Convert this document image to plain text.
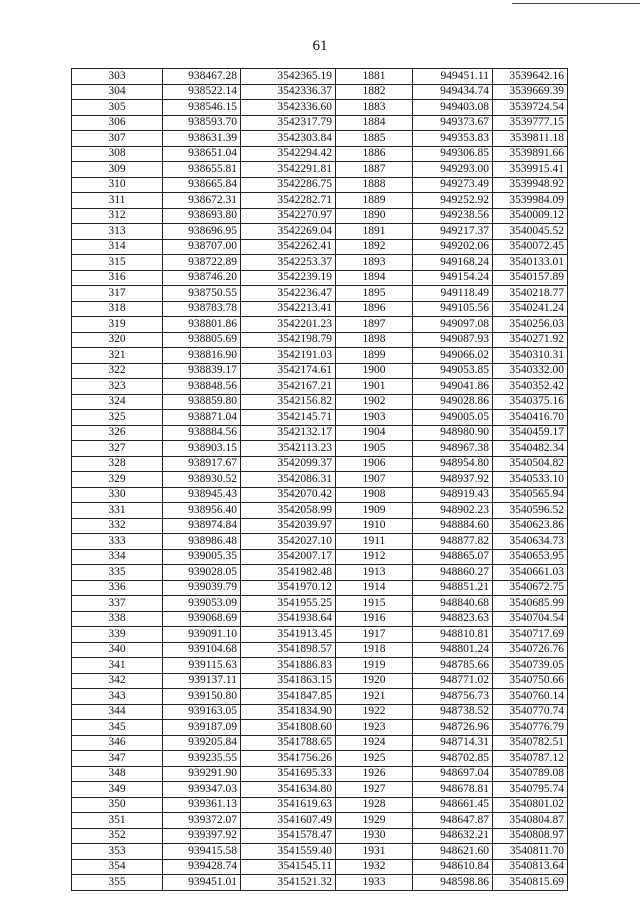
61
303	938467.28	3542365.19	1881	949451.11	3539642.16
304	938522.14	3542336.37	1882	949434.74	3539669.39
305	938546.15	3542336.60	1883	949403.08	3539724.54
306	938593.70	3542317.79	1884	949373.67	3539777.15
307	938631.39	3542303.84	1885	949353.83	3539811.18
308	938651.04	3542294.42	1886	949306.85	3539891.66
309	938655.81	3542291.81	1887	949293.00	3539915.41
310	938665.84	3542286.75	1888	949273.49	3539948.92
311	938672.31	3542282.71	1889	949252.92	3539984.09
312	938693.80	3542270.97	1890	949238.56	3540009.12
313	938696.95	3542269.04	1891	949217.37	3540045.52
314	938707.00	3542262.41	1892	949202.06	3540072.45
315	938722.89	3542253.37	1893	949168.24	3540133.01
316	938746.20	3542239.19	1894	949154.24	3540157.89
317	938750.55	3542236.47	1895	949118.49	3540218.77
318	938783.78	3542213.41	1896	949105.56	3540241.24
319	938801.86	3542201.23	1897	949097.08	3540256.03
320	938805.69	3542198.79	1898	949087.93	3540271.92
321	938816.90	3542191.03	1899	949066.02	3540310.31
322	938839.17	3542174.61	1900	949053.85	3540332.00
323	938848.56	3542167.21	1901	949041.86	3540352.42
324	938859.80	3542156.82	1902	949028.86	3540375.16
325	938871.04	3542145.71	1903	949005.05	3540416.70
326	938884.56	3542132.17	1904	948980.90	3540459.17
327	938903.15	3542113.23	1905	948967.38	3540482.34
328	938917.67	3542099.37	1906	948954.80	3540504.82
329	938930.52	3542086.31	1907	948937.92	3540533.10
330	938945.43	3542070.42	1908	948919.43	3540565.94
331	938956.40	3542058.99	1909	948902.23	3540596.52
332	938974.84	3542039.97	1910	948884.60	3540623.86
333	938986.48	3542027.10	1911	948877.82	3540634.73
334	939005.35	3542007.17	1912	948865.07	3540653.95
335	939028.05	3541982.48	1913	948860.27	3540661.03
336	939039.79	3541970.12	1914	948851.21	3540672.75
337	939053.09	3541955.25	1915	948840.68	3540685.99
338	939068.69	3541938.64	1916	948823.63	3540704.54
339	939091.10	3541913.45	1917	948810.81	3540717.69
340	939104.68	3541898.57	1918	948801.24	3540726.76
341	939115.63	3541886.83	1919	948785.66	3540739.05
342	939137.11	3541863.15	1920	948771.02	3540750.66
343	939150.80	3541847.85	1921	948756.73	3540760.14
344	939163.05	3541834.90	1922	948738.52	3540770.74
345	939187.09	3541808.60	1923	948726.96	3540776.79
346	939205.84	3541788.65	1924	948714.31	3540782.51
347	939235.55	3541756.26	1925	948702.85	3540787.12
348	939291.90	3541695.33	1926	948697.04	3540789.08
349	939347.03	3541634.80	1927	948678.81	3540795.74
350	939361.13	3541619.63	1928	948661.45	3540801.02
351	939372.07	3541607.49	1929	948647.87	3540804.87
352	939397.92	3541578.47	1930	948632.21	3540808.97
353	939415.58	3541559.40	1931	948621.60	3540811.70
354	939428.74	3541545.11	1932	948610.84	3540813.64
355	939451.01	3541521.32	1933	948598.86	3540815.69
